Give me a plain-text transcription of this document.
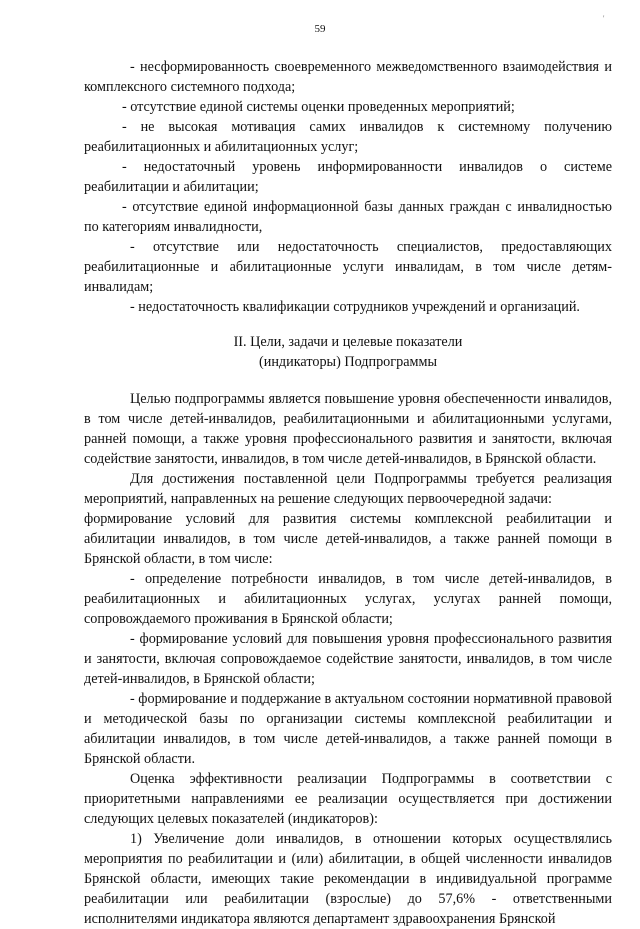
59
'

- несформированность своевременного межведомственного взаимодействия и комплексного системного подхода;

- отсутствие единой системы оценки проведенных мероприятий;

- не высокая мотивация самих инвалидов к системному получению реабилитационных и абилитационных услуг;

- недостаточный уровень информированности инвалидов о системе реабилитации и абилитации;

- отсутствие единой информационной базы данных граждан с инвалидностью по категориям инвалидности,

- отсутствие или недостаточность специалистов, предоставляющих реабилитационные и абилитационные услуги инвалидам, в том числе детям-инвалидам;

- недостаточность квалификации сотрудников учреждений и организаций.

II. Цели, задачи и целевые показатели
(индикаторы) Подпрограммы

Целью подпрограммы является повышение уровня обеспеченности инвалидов, в том числе детей-инвалидов, реабилитационными и абилитационными услугами, ранней помощи, а также уровня профессионального развития и занятости, включая содействие занятости, инвалидов, в том числе детей-инвалидов, в Брянской области.

Для достижения поставленной цели Подпрограммы требуется реализация мероприятий, направленных на решение следующих первоочередной задачи:

формирование условий для развития системы комплексной реабилитации и абилитации инвалидов, в том числе детей-инвалидов, а также ранней помощи в Брянской области, в том числе:

- определение потребности инвалидов, в том числе детей-инвалидов, в реабилитационных и абилитационных услугах, услугах ранней помощи, сопровождаемого проживания в Брянской области;

- формирование условий для повышения уровня профессионального развития и занятости, включая сопровождаемое содействие занятости, инвалидов, в том числе детей-инвалидов, в Брянской области;

- формирование и поддержание в актуальном состоянии нормативной правовой и методической базы по организации системы комплексной реабилитации и абилитации инвалидов, в том числе детей-инвалидов, а также ранней помощи в Брянской области.

Оценка эффективности реализации Подпрограммы в соответствии с приоритетными направлениями ее реализации осуществляется при достижении следующих целевых показателей (индикаторов):

1) Увеличение доли инвалидов, в отношении которых осуществлялись мероприятия по реабилитации и (или) абилитации, в общей численности инвалидов Брянской области, имеющих такие рекомендации в индивидуальной программе реабилитации или реабилитации (взрослые) до 57,6% - ответственными исполнителями индикатора являются департамент здравоохранения Брянской
